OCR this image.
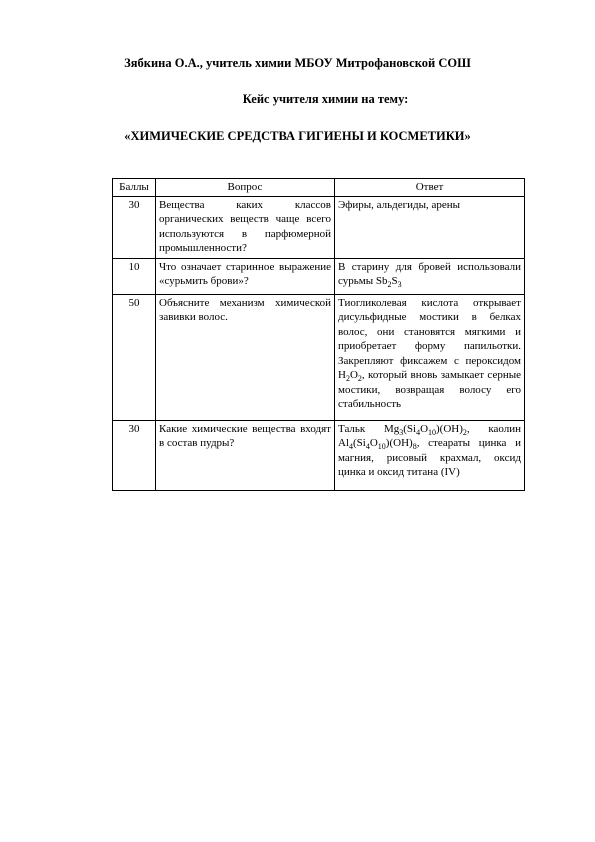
Зябкина О.А., учитель химии МБОУ Митрофановской СОШ
Кейс учителя химии на тему:
«ХИМИЧЕСКИЕ СРЕДСТВА ГИГИЕНЫ И КОСМЕТИКИ»
Баллы	Вопрос	Ответ
30	Вещества каких классов органических веществ чаще всего используются в парфюмерной промышленности?	Эфиры, альдегиды, арены
10	Что означает старинное выражение «сурьмить брови»?	В старину для бровей использовали сурьмы $Sb_2S_3$
50	Объясните механизм химической завивки волос.	Тиогликолевая кислота открывает дисульфидные мостики в белках волос, они становятся мягкими и приобретает форму папильотки. Закрепляют фиксажем с пероксидом $H_2O_2$, который вновь замыкает серные мостики, возвращая волосу его стабильность
30	Какие химические вещества входят в состав пудры?	Тальк $Mg_3(Si_4O_{10})(OH)_2$, каолин $Al_4(Si_4O_{10})(OH)_8$, стеараты цинка и магния, рисовый крахмал, оксид цинка и оксид титана (IV)
